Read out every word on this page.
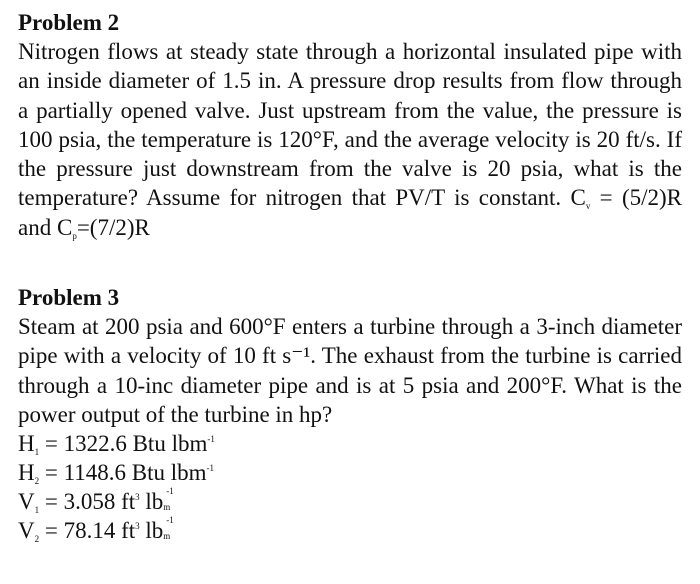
Problem 2

Nitrogen flows at steady state through a horizontal insulated pipe with an inside diameter of 1.5 in. A pressure drop results from flow through a partially opened valve. Just upstream from the value, the pressure is 100 psia, the temperature is 120°F, and the average velocity is 20 ft/s. If the pressure just downstream from the valve is 20 psia, what is the temperature? Assume for nitrogen that PV/T is constant. $C_v = (5/2)R$ and $C_p=(7/2)R$

Problem 3

Steam at 200 psia and 600°F enters a turbine through a 3-inch diameter pipe with a velocity of 10 ft s⁻¹. The exhaust from the turbine is carried through a 10-inc diameter pipe and is at 5 psia and 200°F. What is the power output of the turbine in hp?

$H_1 = 1322.6$ Btu lbm$^{-1}$

$H_2 = 1148.6$ Btu lbm$^{-1}$

$V_1 = 3.058$ $ft^3$ lb -1
m

$V_2 = 78.14$ $ft^3$ lb -1
m
